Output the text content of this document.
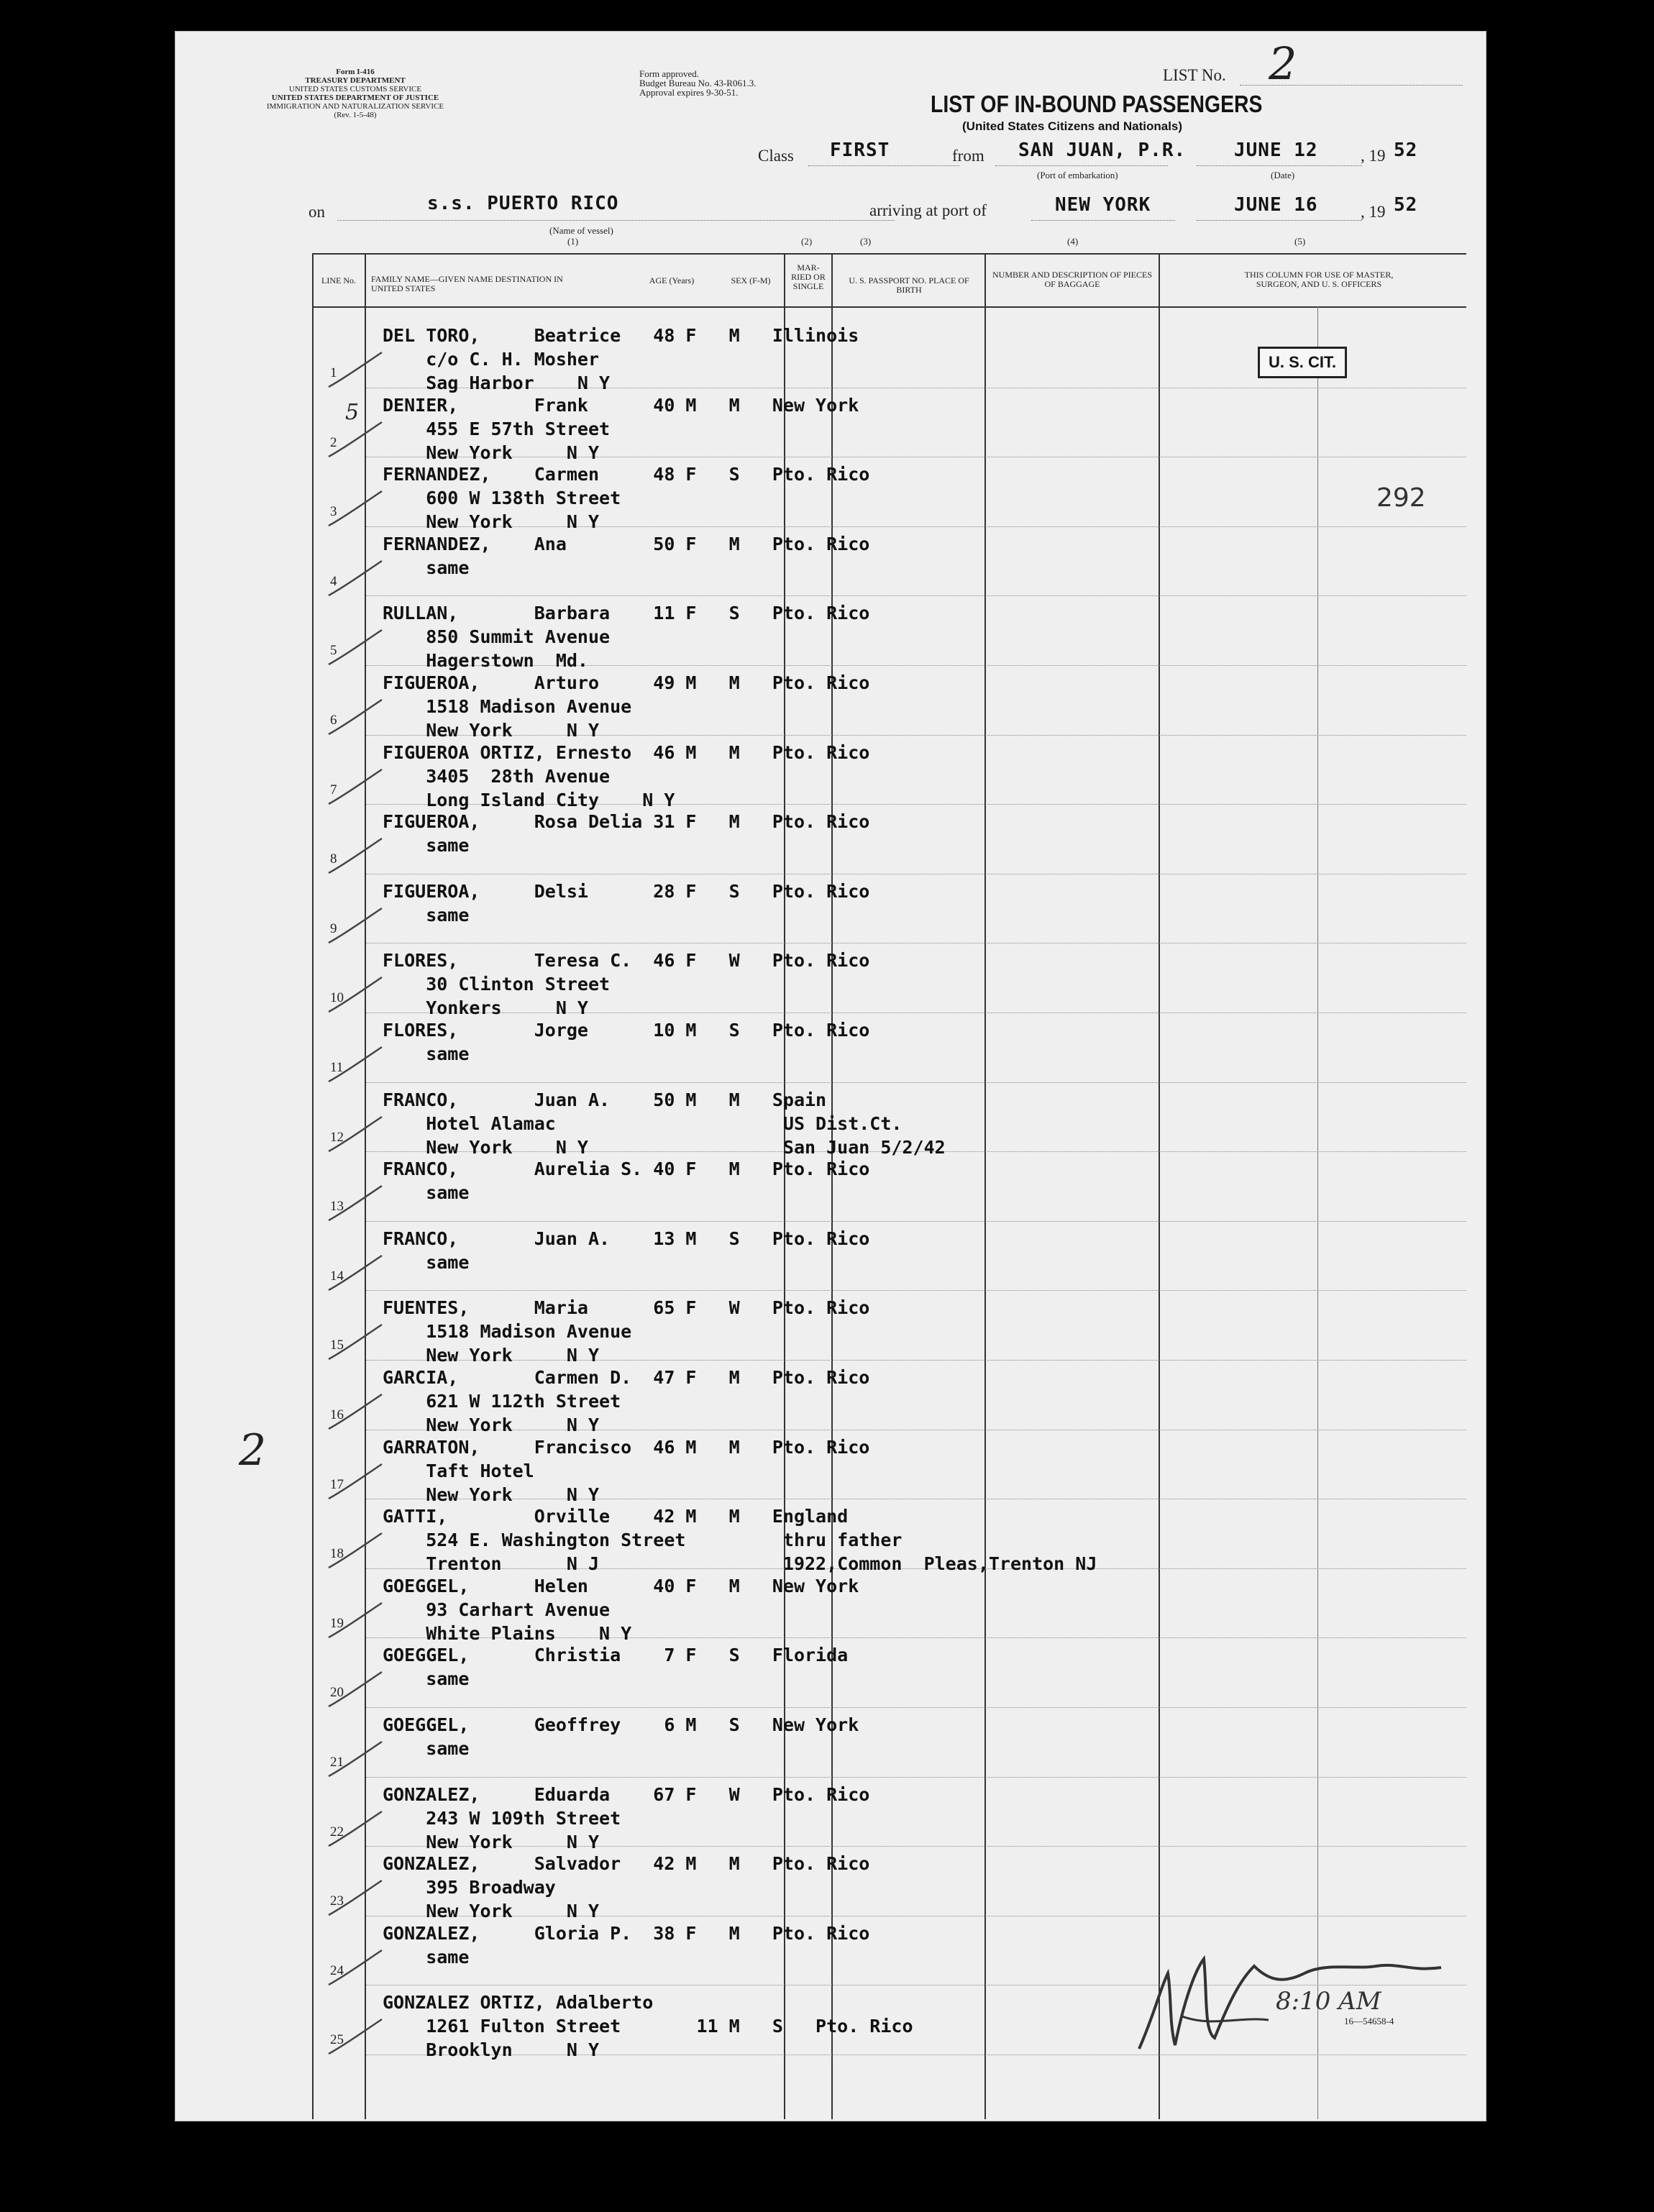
Form I-416
TREASURY DEPARTMENT
UNITED STATES CUSTOMS SERVICE
UNITED STATES DEPARTMENT OF JUSTICE
IMMIGRATION AND NATURALIZATION SERVICE
(Rev. 1-5-48)
Form approved.
Budget Bureau No. 43-R061.3.
Approval expires 9-30-51.
LIST No. 2
LIST OF IN-BOUND PASSENGERS
(United States Citizens and Nationals)
Class FIRST	from SAN JUAN, P.R.
(Port of embarkation)
JUNE 12
(Date)
, 19 52
on	s.s. PUERTO RICO
(Name of vessel)
(1)
arriving at port of	NEW YORK	JUNE 16	, 19 52
(2)	(3)	(4)	(5)
LINE No.	FAMILY NAME—GIVEN NAME DESTINATION IN UNITED STATES
AGE (Years)	SEX (F-M)
MAR-RIED OR SINGLE
U. S. PASSPORT NO. PLACE OF BIRTH
NUMBER AND DESCRIPTION OF PIECES OF BAGGAGE
THIS COLUMN FOR USE OF MASTER, SURGEON, AND U. S. OFFICERS
1
DEL TORO,     Beatrice   48 F   M   Illinois
c/o C. H. Mosher
Sag Harbor    N Y
2
DENIER,       Frank      40 M   M   New York
455 E 57th Street
New York     N Y
3
FERNANDEZ,    Carmen     48 F   S   Pto. Rico
600 W 138th Street
New York     N Y
4
FERNANDEZ,    Ana        50 F   M   Pto. Rico
same
5
RULLAN,       Barbara    11 F   S   Pto. Rico
850 Summit Avenue
Hagerstown  Md.
6
FIGUEROA,     Arturo     49 M   M   Pto. Rico
1518 Madison Avenue
New York     N Y
7
FIGUEROA ORTIZ, Ernesto  46 M   M   Pto. Rico
3405  28th Avenue
Long Island City    N Y
8
FIGUEROA,     Rosa Delia 31 F   M   Pto. Rico
same
9
FIGUEROA,     Delsi      28 F   S   Pto. Rico
same
10
FLORES,       Teresa C.  46 F   W   Pto. Rico
30 Clinton Street
Yonkers     N Y
11
FLORES,       Jorge      10 M   S   Pto. Rico
same
12
FRANCO,       Juan A.    50 M   M   Spain
Hotel Alamac                     US Dist.Ct.
New York    N Y                  San Juan 5/2/42
13
FRANCO,       Aurelia S. 40 F   M   Pto. Rico
same
14
FRANCO,       Juan A.    13 M   S   Pto. Rico
same
15
FUENTES,      Maria      65 F   W   Pto. Rico
1518 Madison Avenue
New York     N Y
16
GARCIA,       Carmen D.  47 F   M   Pto. Rico
621 W 112th Street
New York     N Y
17
GARRATON,     Francisco  46 M   M   Pto. Rico
Taft Hotel
New York     N Y
18
GATTI,        Orville    42 M   M   England
524 E. Washington Street         thru father
Trenton      N J                 1922,Common  Pleas,Trenton NJ
19
GOEGGEL,      Helen      40 F   M   New York
93 Carhart Avenue
White Plains    N Y
20
GOEGGEL,      Christia    7 F   S   Florida
same
21
GOEGGEL,      Geoffrey    6 M   S   New York
same
22
GONZALEZ,     Eduarda    67 F   W   Pto. Rico
243 W 109th Street
New York     N Y
23
GONZALEZ,     Salvador   42 M   M   Pto. Rico
395 Broadway
New York     N Y
24
GONZALEZ,     Gloria P.  38 F   M   Pto. Rico
same
25
GONZALEZ ORTIZ, Adalberto
1261 Fulton Street       11 M   S   Pto. Rico
Brooklyn     N Y
U. S. CIT.
292
5
2
8:10 AM
16—54658-4
